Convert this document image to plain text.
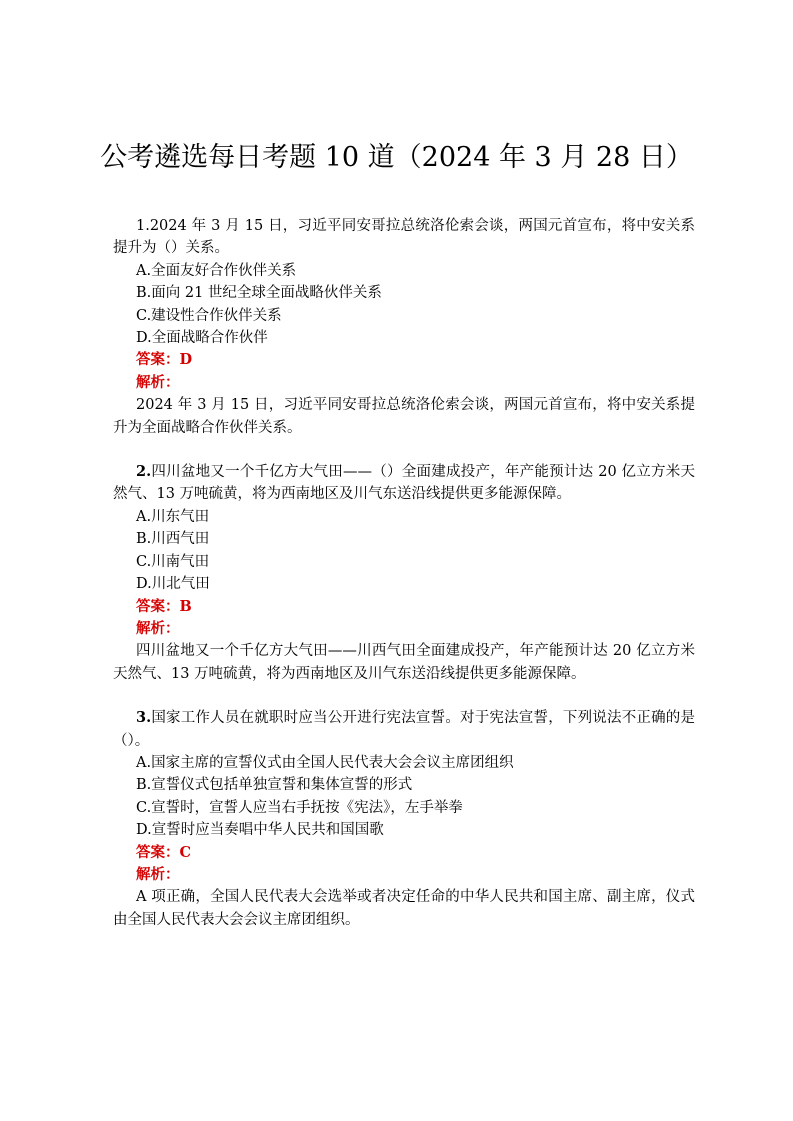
公考遴选每日考题 10 道（2024 年 3 月 28 日）

1.2024 年 3 月 15 日，习近平同安哥拉总统洛伦索会谈，两国元首宣布，将中安关系提升为（）关系。

A.全面友好合作伙伴关系

B.面向 21 世纪全球全面战略伙伴关系

C.建设性合作伙伴关系

D.全面战略合作伙伴

答案：D

解析：

2024 年 3 月 15 日，习近平同安哥拉总统洛伦索会谈，两国元首宣布，将中安关系提升为全面战略合作伙伴关系。

2.四川盆地又一个千亿方大气田——（）全面建成投产，年产能预计达 20 亿立方米天然气、13 万吨硫黄，将为西南地区及川气东送沿线提供更多能源保障。

A.川东气田

B.川西气田

C.川南气田

D.川北气田

答案：B

解析：

四川盆地又一个千亿方大气田——川西气田全面建成投产，年产能预计达 20 亿立方米天然气、13 万吨硫黄，将为西南地区及川气东送沿线提供更多能源保障。

3.国家工作人员在就职时应当公开进行宪法宣誓。对于宪法宣誓，下列说法不正确的是（）。

A.国家主席的宣誓仪式由全国人民代表大会会议主席团组织

B.宣誓仪式包括单独宣誓和集体宣誓的形式

C.宣誓时，宣誓人应当右手抚按《宪法》，左手举拳

D.宣誓时应当奏唱中华人民共和国国歌

答案：C

解析：

A 项正确，全国人民代表大会选举或者决定任命的中华人民共和国主席、副主席，仪式由全国人民代表大会会议主席团组织。
